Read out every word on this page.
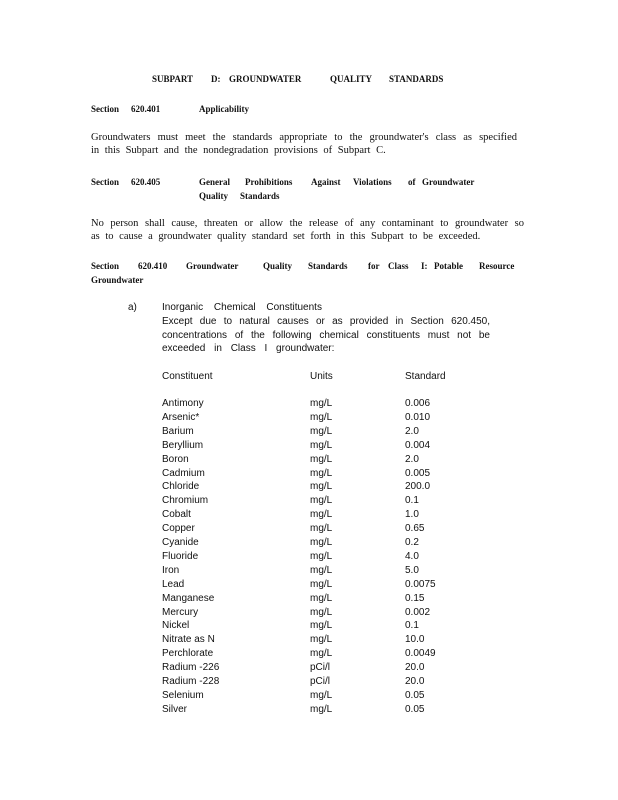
SUBPART D: GROUNDWATER	QUALITY STANDARDS
Section 620.401	Applicability
Groundwaters must meet the standards appropriate to the groundwater's class as specified
in this Subpart and the nondegradation provisions of Subpart C.
Section 620.405	General Prohibitions Against Violations of Groundwater
Quality Standards
No person shall cause, threaten or allow the release of any contaminant to groundwater so
as to cause a groundwater quality standard set forth in this Subpart to be exceeded.
Section 620.410 Groundwater	Quality Standards for Class I: Potable Resource
Groundwater
a)	Inorganic Chemical Constituents
Except due to natural causes or as provided in Section 620.450,
concentrations of the following chemical constituents must not be
exceeded in Class I groundwater:
Constituent	Units	Standard
Antimony	mg/L	0.006
Arsenic*	mg/L	0.010
Barium	mg/L	2.0
Beryllium	mg/L	0.004
Boron	mg/L	2.0
Cadmium	mg/L	0.005
Chloride	mg/L	200.0
Chromium	mg/L	0.1
Cobalt	mg/L	1.0
Copper	mg/L	0.65
Cyanide	mg/L	0.2
Fluoride	mg/L	4.0
Iron	mg/L	5.0
Lead	mg/L	0.0075
Manganese	mg/L	0.15
Mercury	mg/L	0.002
Nickel	mg/L	0.1
Nitrate as N	mg/L	10.0
Perchlorate	mg/L	0.0049
Radium -226	pCi/l	20.0
Radium -228	pCi/l	20.0
Selenium	mg/L	0.05
Silver	mg/L	0.05
